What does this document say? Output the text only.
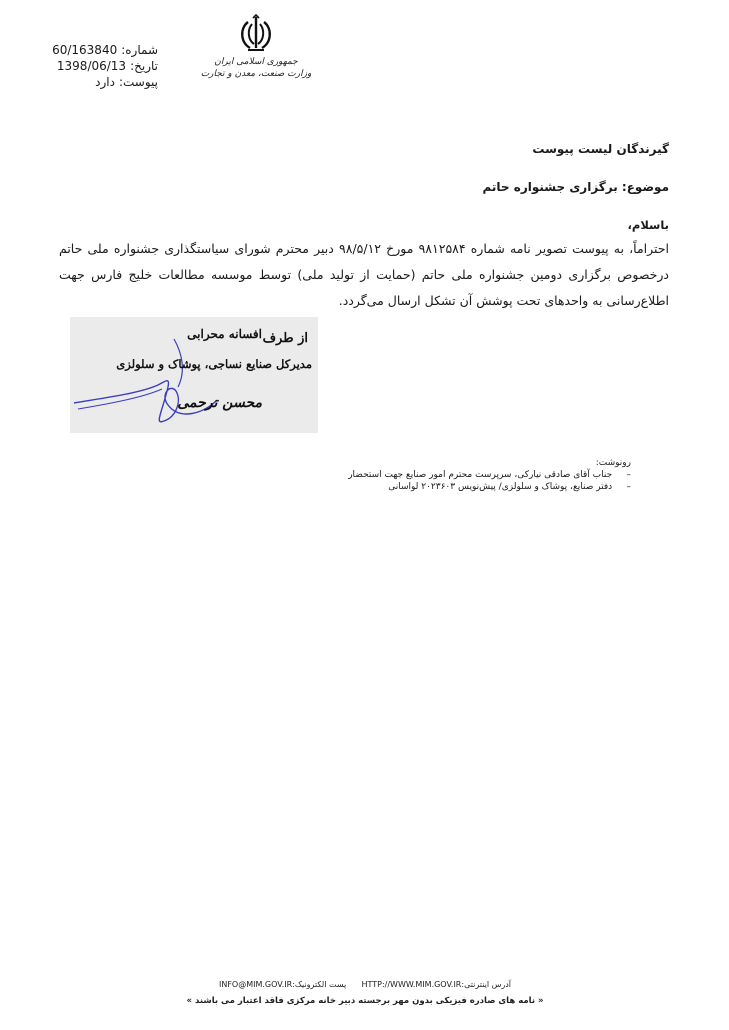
شماره:60/163840
تاریخ:1398/06/13
پیوست:دارد
جمهوری اسلامی ایران
وزارت صنعت، معدن و تجارت
گیرندگان لیست پیوست
موضوع: برگزاری جشنواره حاتم
باسلام،
احتراماً، به پیوست تصویر نامه شماره ۹۸۱۲۵۸۴ مورخ ۹۸/۵/۱۲ دبیر محترم شورای سیاستگذاری جشنواره ملی حاتم درخصوص برگزاری دومین جشنواره ملی حاتم (حمایت از تولید ملی) توسط موسسه مطالعات خلیج فارس جهت اطلاع‌رسانی به واحدهای تحت پوشش آن تشکل ارسال می‌گردد.
از طرف
افسانه محرابی
مدیرکل صنایع نساجی، پوشاک و سلولزی
محسن ترحمی
رونوشت:
–     جناب آقای صادقی نیارکی، سرپرست محترم امور صنایع جهت استحضار
–     دفتر صنایع، پوشاک و سلولزی/ پیش‌نویس ۲۰۲۳۶۰۳ لواسانی
آدرس اینترنتی:HTTP://WWW.MIM.GOV.IR      پست الکترونیک:INFO@MIM.GOV.IR
« نامه های صادره فیزیکی بدون مهر برجسته دبیر خانه مرکزی فاقد اعتبار می باشند »
